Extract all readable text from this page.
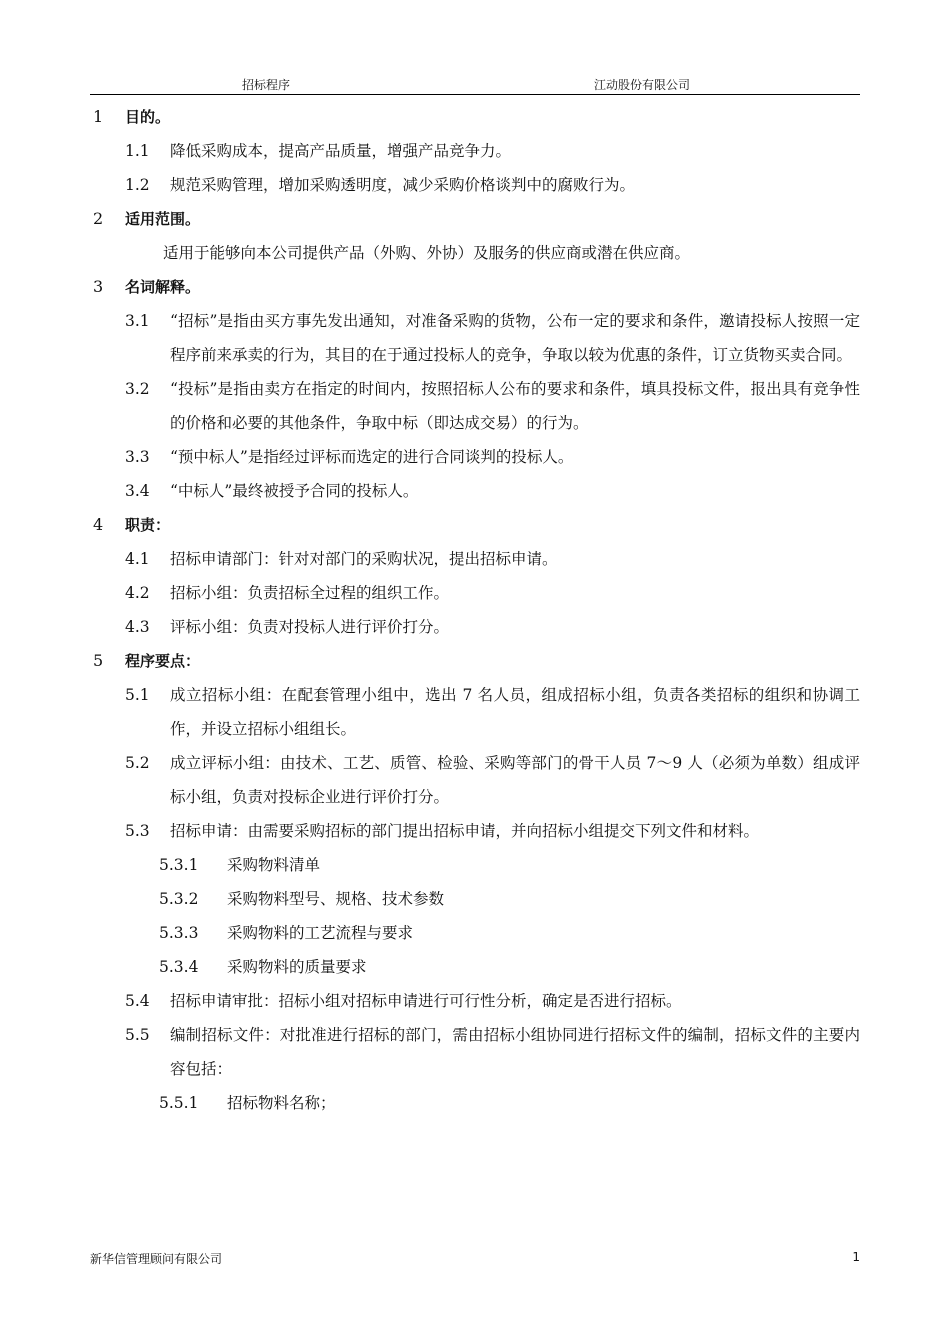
招标程序	江动股份有限公司
1 目的。
1.1 降低采购成本，提高产品质量，增强产品竞争力。
1.2 规范采购管理，增加采购透明度，减少采购价格谈判中的腐败行为。
2 适用范围。
适用于能够向本公司提供产品（外购、外协）及服务的供应商或潜在供应商。
3 名词解释。
3.1 “招标”是指由买方事先发出通知，对准备采购的货物，公布一定的要求和条件，邀请投标人按照一定程序前来承卖的行为，其目的在于通过投标人的竞争，争取以较为优惠的条件，订立货物买卖合同。
3.2 “投标”是指由卖方在指定的时间内，按照招标人公布的要求和条件，填具投标文件，报出具有竞争性的价格和必要的其他条件，争取中标（即达成交易）的行为。
3.3 “预中标人”是指经过评标而选定的进行合同谈判的投标人。
3.4 “中标人”最终被授予合同的投标人。
4 职责：
4.1 招标申请部门：针对对部门的采购状况，提出招标申请。
4.2 招标小组：负责招标全过程的组织工作。
4.3 评标小组：负责对投标人进行评价打分。
5 程序要点：
5.1 成立招标小组：在配套管理小组中，选出 7 名人员，组成招标小组，负责各类招标的组织和协调工作，并设立招标小组组长。
5.2 成立评标小组：由技术、工艺、质管、检验、采购等部门的骨干人员 7～9 人（必须为单数）组成评标小组，负责对投标企业进行评价打分。
5.3 招标申请：由需要采购招标的部门提出招标申请，并向招标小组提交下列文件和材料。
5.3.1 采购物料清单
5.3.2 采购物料型号、规格、技术参数
5.3.3 采购物料的工艺流程与要求
5.3.4 采购物料的质量要求
5.4 招标申请审批：招标小组对招标申请进行可行性分析，确定是否进行招标。
5.5 编制招标文件：对批准进行招标的部门，需由招标小组协同进行招标文件的编制，招标文件的主要内容包括：
5.5.1 招标物料名称；
新华信管理顾问有限公司	1
